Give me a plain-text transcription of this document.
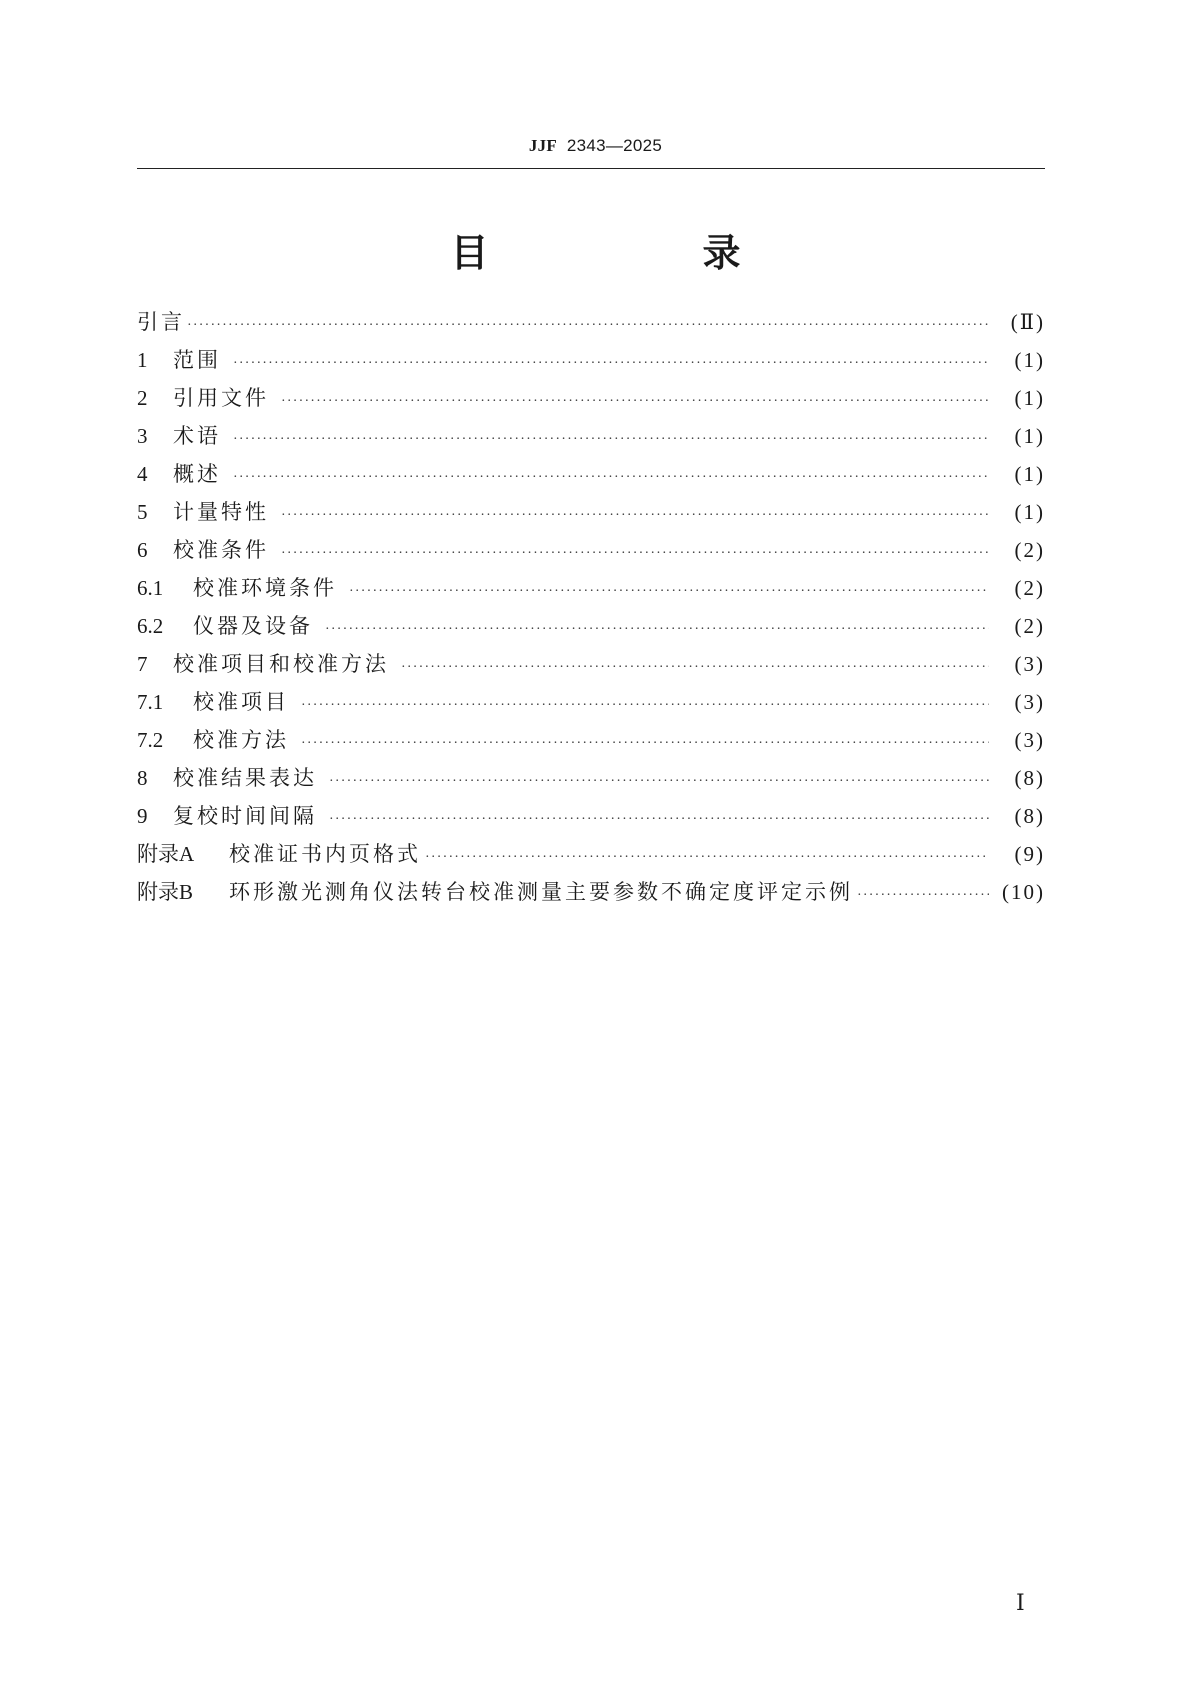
JJF 2343—2025
目　录
引言 ·····	(Ⅱ)
1	范围 ·····	(1)
2	引用文件 ·····	(1)
3	术语 ·····	(1)
4	概述 ·····	(1)
5	计量特性 ·····	(1)
6	校准条件 ·····	(2)
6.1	校准环境条件 ·····	(2)
6.2	仪器及设备 ·····	(2)
7	校准项目和校准方法 ·····	(3)
7.1	校准项目 ·····	(3)
7.2	校准方法 ·····	(3)
8	校准结果表达 ·····	(8)
9	复校时间间隔 ·····	(8)
附录A	校准证书内页格式 ·····	(9)
附录B	环形激光测角仪法转台校准测量主要参数不确定度评定示例 ·····	(10)
Ⅰ
